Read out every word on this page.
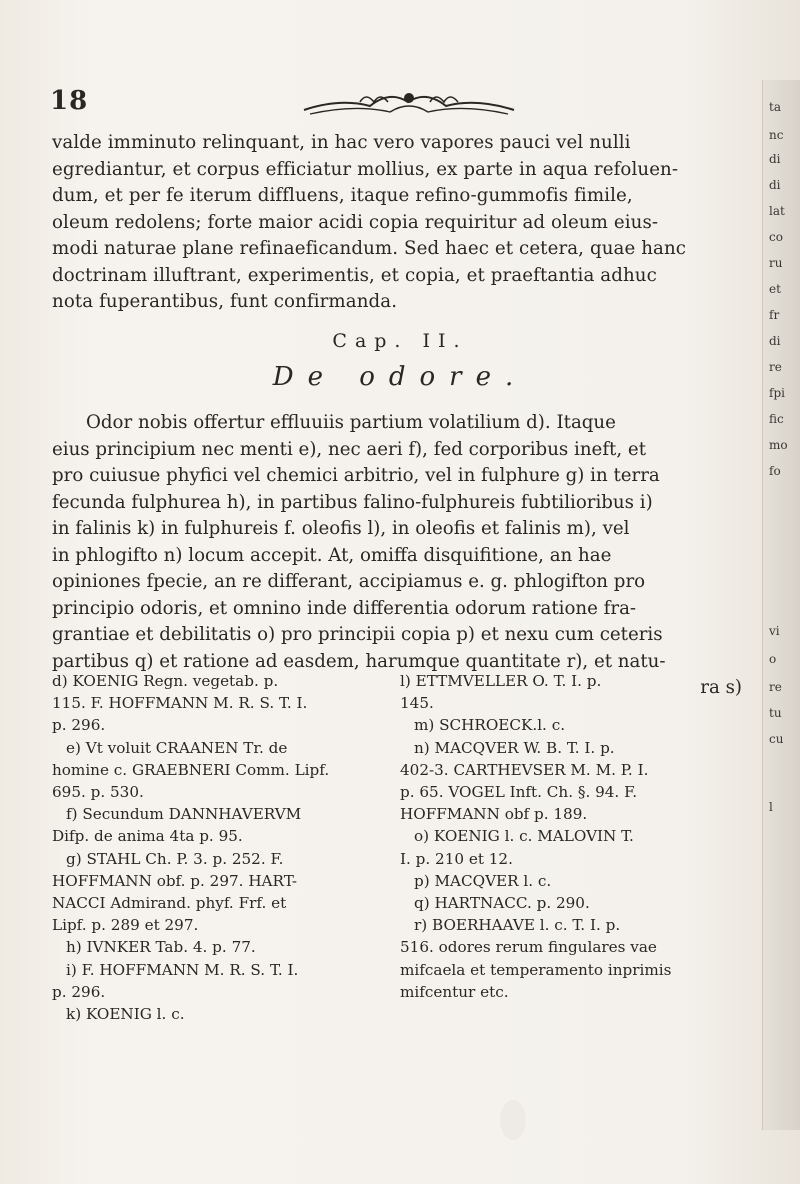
18

valde imminuto relinquant, in hac vero vapores pauci vel nulli

egrediantur, et corpus efficiatur mollius, ex parte in aqua refoluen-

dum, et per fe iterum diffluens, itaque refino-gummofis fimile,

oleum redolens; forte maior acidi copia requiritur ad oleum eius-

modi naturae plane refinaeficandum. Sed haec et cetera, quae hanc

doctrinam illuftrant, experimentis, et copia, et praeftantia adhuc

nota fuperantibus, funt confirmanda.

Cap. II.
De odore.

Odor nobis offertur effluuiis partium volatilium d). Itaque

eius principium nec menti e), nec aeri f), fed corporibus ineft, et

pro cuiusue phyfici vel chemici arbitrio, vel in fulphure g) in terra

fecunda fulphurea h), in partibus falino-fulphureis fubtilioribus i)

in falinis k) in fulphureis f. oleofis l), in oleofis et falinis m), vel

in phlogifto n) locum accepit. At, omiffa disquifitione, an hae

opiniones fpecie, an re differant, accipiamus e. g. phlogifton pro

principio odoris, et omnino inde differentia odorum ratione fra-

grantiae et debilitatis o) pro principii copia p) et nexu cum ceteris

partibus q) et ratione ad easdem, harumque quantitate r), et natu-

ra s)

d) KOENIG Regn. vegetab. p.

115. F. HOFFMANN M. R. S. T. I.

p. 296.

e) Vt voluit CRAANEN Tr. de

homine c. GRAEBNERI Comm. Lipf.

695. p. 530.

f) Secundum DANNHAVERVM

Difp. de anima 4ta p. 95.

g) STAHL Ch. P. 3. p. 252. F.

HOFFMANN obf. p. 297. HART-

NACCI Admirand. phyf. Frf. et

Lipf. p. 289 et 297.

h) IVNKER Tab. 4. p. 77.

i) F. HOFFMANN M. R. S. T. I.

p. 296.

k) KOENIG l. c.

l) ETTMVELLER O. T. I. p.

145.

m) SCHROECK.l. c.

n) MACQVER W. B. T. I. p.

402-3. CARTHEVSER M. M. P. I.

p. 65. VOGEL Inft. Ch. §. 94. F.

HOFFMANN obf p. 189.

o) KOENIG l. c. MALOVIN T.

I. p. 210 et 12.

p) MACQVER l. c.

q) HARTNACC. p. 290.

r) BOERHAAVE l. c. T. I. p.

516. odores rerum fingulares vae

mifcaela et temperamento inprimis

mifcentur etc.

ta
nc
di
di
lat
co
ru
et
fr
di
re
fpi
fic
mo
fo
vi
o
re
tu
cu
l
